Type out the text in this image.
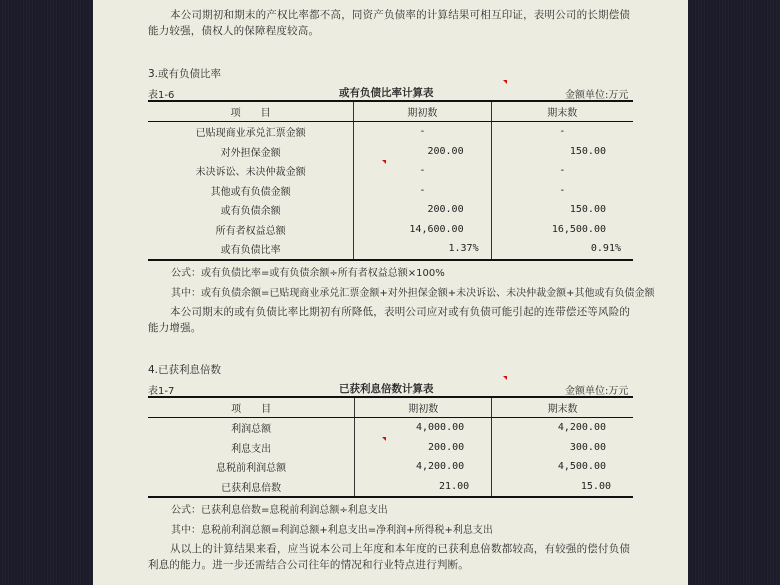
本公司期初和期末的产权比率都不高，同资产负债率的计算结果可相互印证，表明公司的长期偿债能力较强，债权人的保障程度较高。
3.或有负债比率
表1-6	或有负债比率计算表	金额单位:万元
项　　目	期初数	期末数
已贴现商业承兑汇票金额	-	-
对外担保金额	200.00	150.00
未决诉讼、未决仲裁金额	-	-
其他或有负债金额	-	-
或有负债余额	200.00	150.00
所有者权益总额	14,600.00	16,500.00
或有负债比率	1.37%	0.91%
公式：或有负债比率=或有负债余额÷所有者权益总额×100%
其中：或有负债余额=已贴现商业承兑汇票金额+对外担保金额+未决诉讼、未决仲裁金额+其他或有负债金额
本公司期末的或有负债比率比期初有所降低，表明公司应对或有负债可能引起的连带偿还等风险的能力增强。
4.已获利息倍数
表1-7	已获利息倍数计算表	金额单位:万元
项　　目	期初数	期末数
利润总额	4,000.00	4,200.00
利息支出	200.00	300.00
息税前利润总额	4,200.00	4,500.00
已获利息倍数	21.00	15.00
公式：已获利息倍数=息税前利润总额÷利息支出
其中：息税前利润总额=利润总额+利息支出=净利润+所得税+利息支出
从以上的计算结果来看，应当说本公司上年度和本年度的已获利息倍数都较高，有较强的偿付负债利息的能力。进一步还需结合公司往年的情况和行业特点进行判断。
